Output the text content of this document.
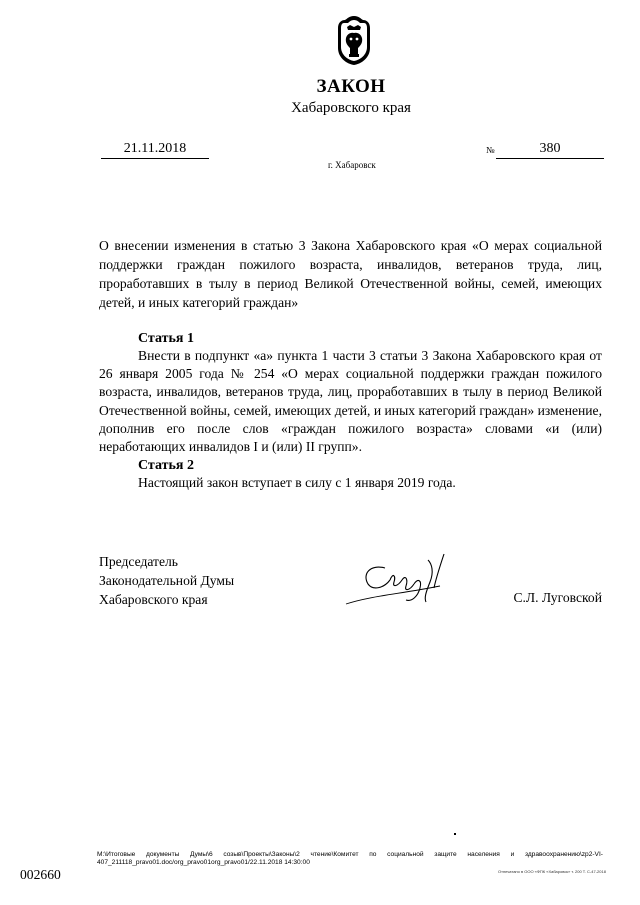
ЗАКОН
Хабаровского края
21.11.2018
г. Хабаровск
№	380
О внесении изменения в статью 3 Закона Хабаровского края «О мерах социальной поддержки граждан пожилого возраста, инвалидов, ветеранов труда, лиц, проработавших в тылу в период Великой Отечественной войны, семей, имеющих детей, и иных категорий граждан»
Статья 1
Внести в подпункт «а» пункта 1 части 3 статьи 3 Закона Хабаровского края от 26 января 2005 года № 254 «О мерах социальной поддержки граждан пожилого возраста, инвалидов, ветеранов труда, лиц, проработавших в тылу в период Великой Отечественной войны, семей, имеющих детей, и иных категорий граждан» изменение, дополнив его после слов «граждан пожилого возраста» словами «и (или) неработающих инвалидов I и (или) II групп».
Статья 2
Настоящий закон вступает в силу с 1 января 2019 года.
Председатель
Законодательной Думы
Хабаровского края	С.Л. Луговской
М:\Итоговые документы Думы\6 созыв\Проекты\Законы\2 чтение\Комитет по социальной защите населения и здравоохранению\zp2-VI-407_211118_pravo01.doc/org_pravo01org_pravo01/22.11.2018 14:30:00
Отпечатано в ООО «ФПК «Хабаровск» т. 200 Т. С-47-2018
002660
